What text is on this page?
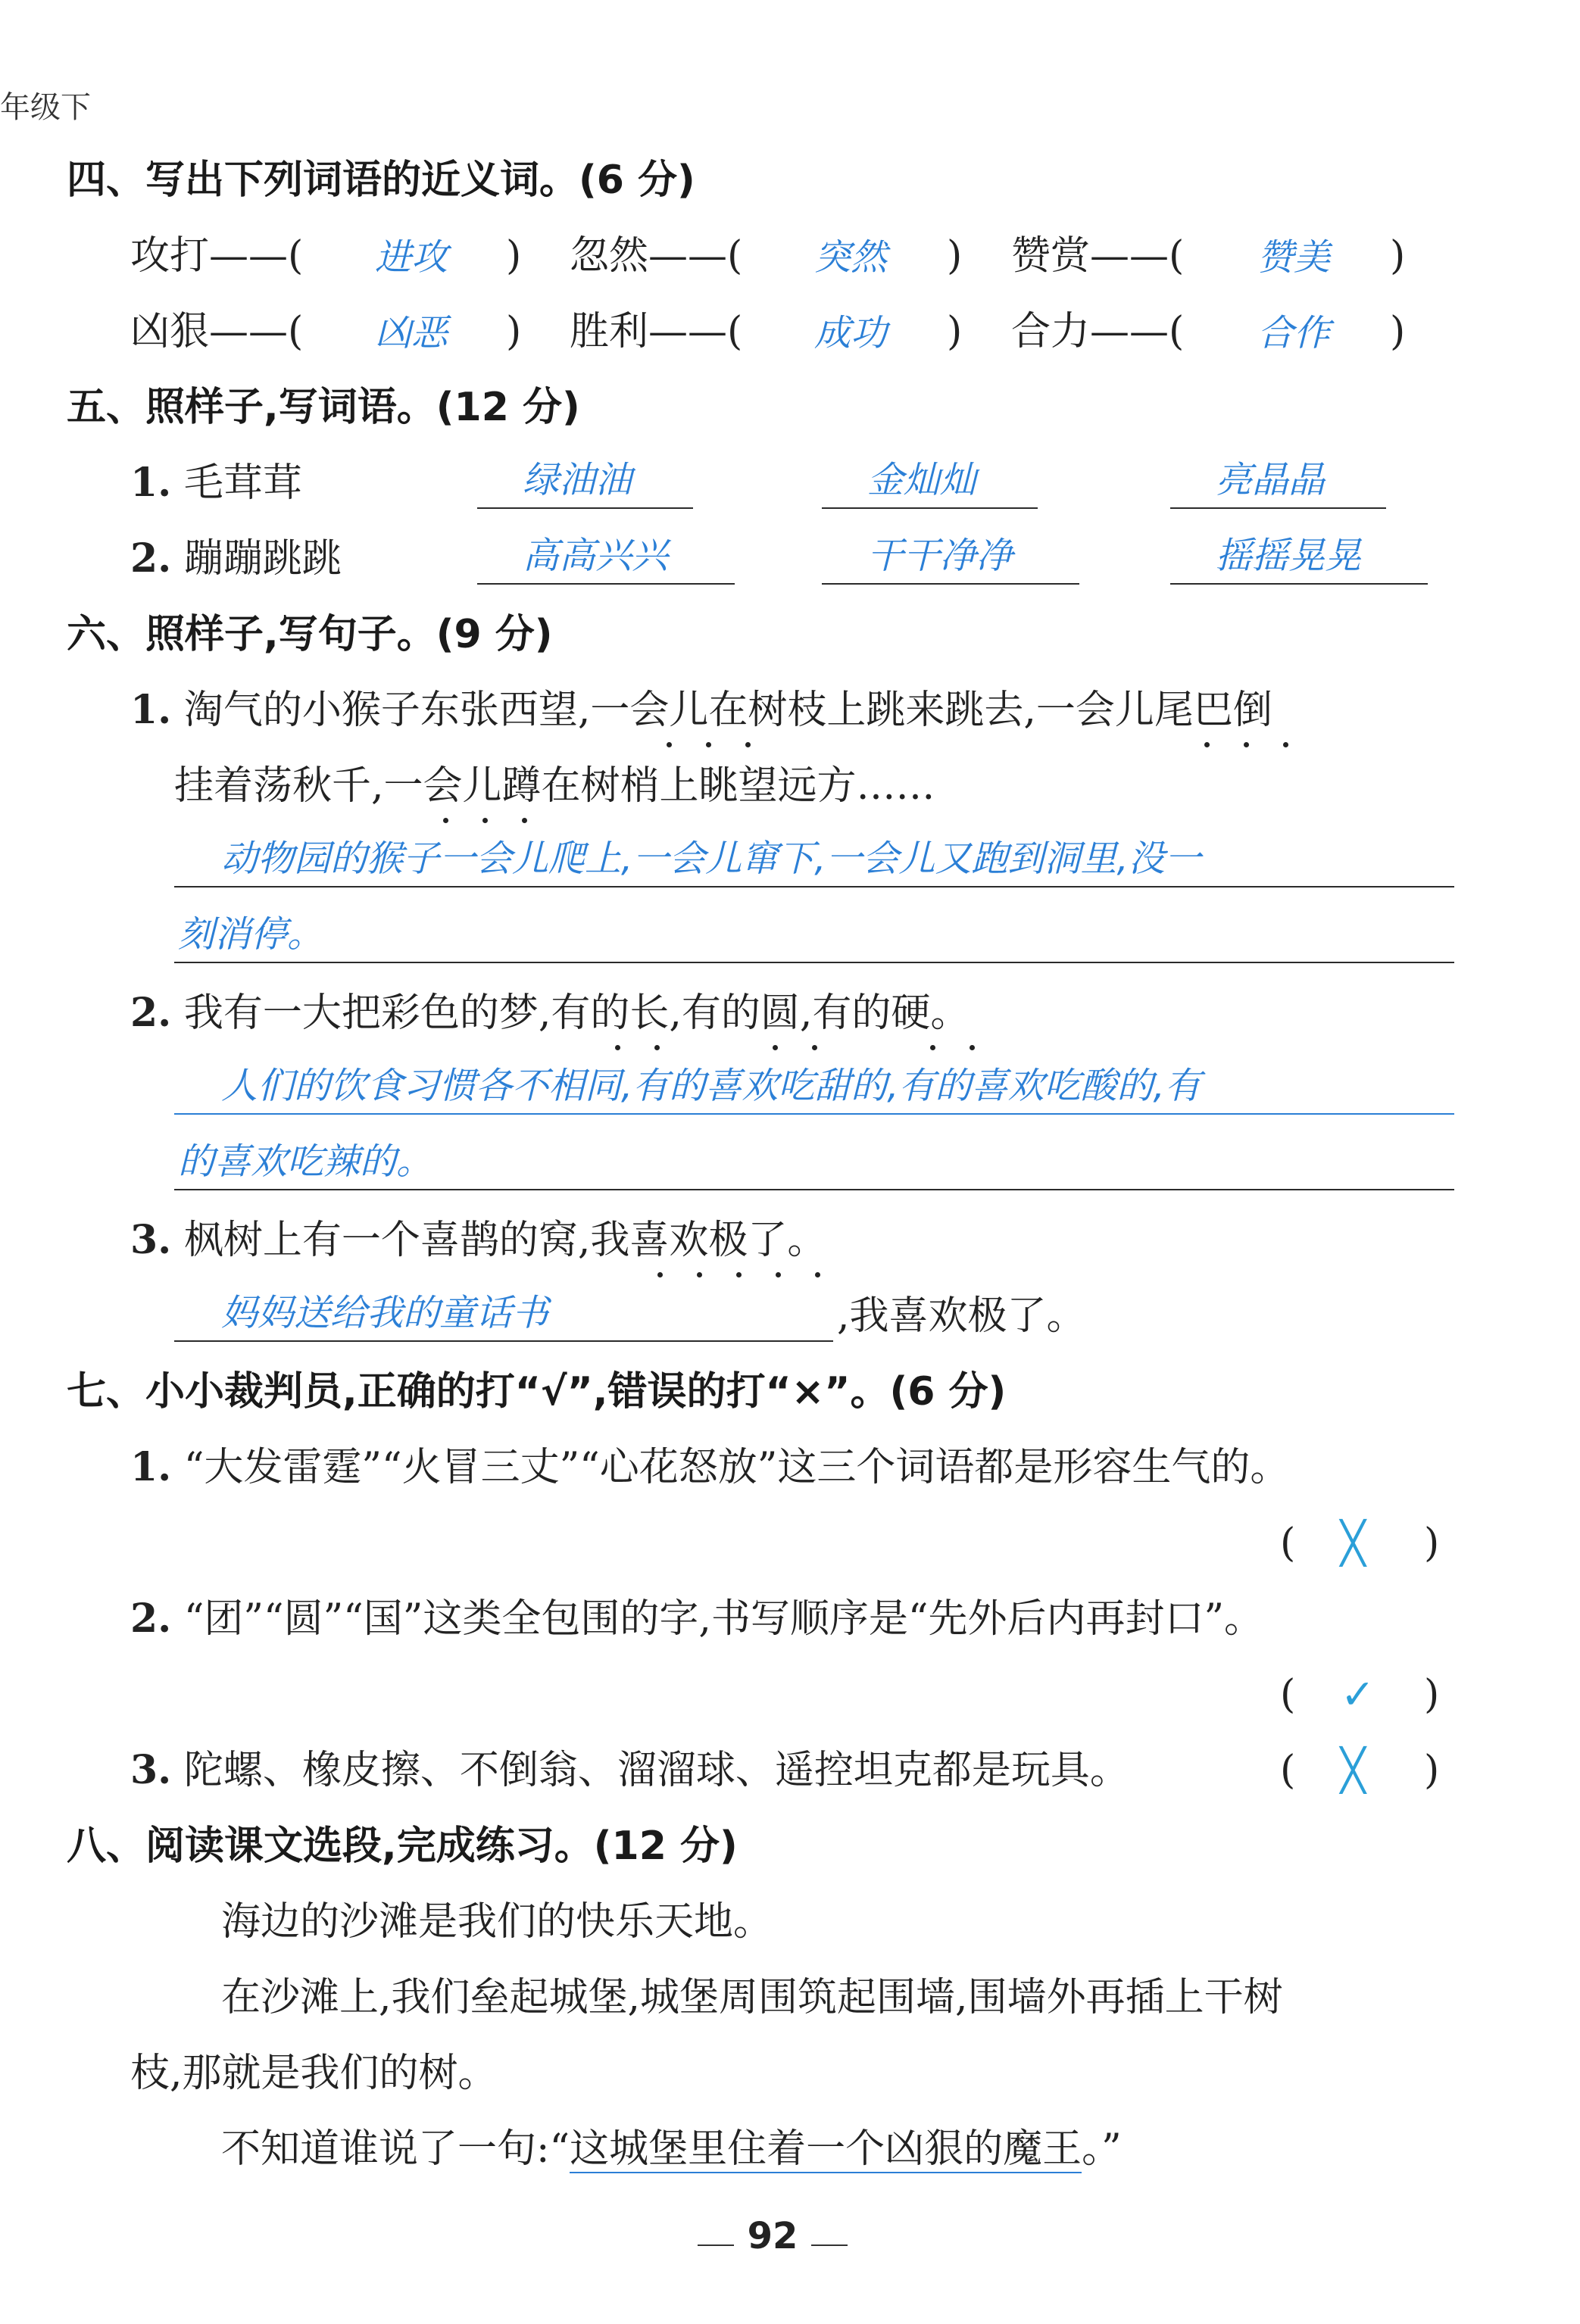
年级下
四、写出下列词语的近义词。(6 分)
攻打——( 进攻 ) 忽然——( 突然 ) 赞赏——( 赞美 )
凶狠——( 凶恶 ) 胜利——( 成功 ) 合力——( 合作 )
五、照样子,写词语。(12 分)
1. 毛茸茸	绿油油	金灿灿	亮晶晶
2. 蹦蹦跳跳	高高兴兴	干干净净	摇摇晃晃
六、照样子,写句子。(9 分)
1. 淘气的小猴子东张西望,一会儿在树枝上跳来跳去,一会儿尾巴倒
挂着荡秋千,一会儿蹲在树梢上眺望远方……
动物园的猴子一会儿爬上,一会儿窜下,一会儿又跑到洞里,没一
刻消停。
2. 我有一大把彩色的梦,有的长,有的圆,有的硬。
人们的饮食习惯各不相同,有的喜欢吃甜的,有的喜欢吃酸的,有
的喜欢吃辣的。
3. 枫树上有一个喜鹊的窝,我喜欢极了。
妈妈送给我的童话书	,我喜欢极了。
七、小小裁判员,正确的打“√”,错误的打“×”。(6 分)
1. “大发雷霆”“火冒三丈”“心花怒放”这三个词语都是形容生气的。
( ╳ )
2. “团”“圆”“国”这类全包围的字,书写顺序是“先外后内再封口”。
( ✓ )
3. 陀螺、橡皮擦、不倒翁、溜溜球、遥控坦克都是玩具。	( ╳ )
八、阅读课文选段,完成练习。(12 分)
海边的沙滩是我们的快乐天地。
在沙滩上,我们垒起城堡,城堡周围筑起围墙,围墙外再插上干树
枝,那就是我们的树。
不知道谁说了一句:“这城堡里住着一个凶狠的魔王。”
92
